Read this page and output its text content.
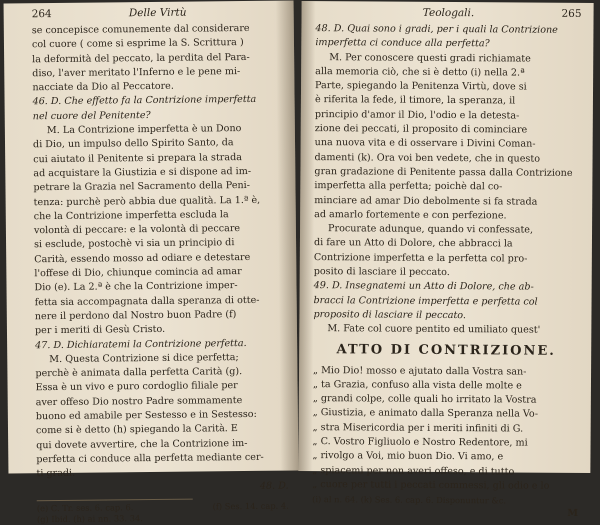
264	Delle Virtù
se concepisce comunemente dal considerare
col cuore ( come si esprime la S. Scrittura )
la deformità del peccato, la perdita del Para-
diso, l'aver meritato l'Inferno e le pene mi-
nacciate da Dio al Peccatore.
46. D. Che effetto fa la Contrizione imperfetta
nel cuore del Penitente?
M. La Contrizione imperfetta è un Dono
di Dio, un impulso dello Spirito Santo, da
cui aiutato il Penitente si prepara la strada
ad acquistare la Giustizia e si dispone ad im-
petrare la Grazia nel Sacramento della Peni-
tenza: purchè però abbia due qualità. La 1.ª è,
che la Contrizione imperfetta escluda la
volontà di peccare: e la volontà di peccare
si esclude, postochè vi sia un principio di
Carità, essendo mosso ad odiare e detestare
l'offese di Dio, chiunque comincia ad amar
Dio (e). La 2.ª è che la Contrizione imper-
fetta sia accompagnata dalla speranza di otte-
nere il perdono dal Nostro buon Padre (f)
per i meriti di Gesù Cristo.
47. D. Dichiaratemi la Contrizione perfetta.
M. Questa Contrizione si dice perfetta;
perchè è animata dalla perfetta Carità (g).
Essa è un vivo e puro cordoglio filiale per
aver offeso Dio nostro Padre sommamente
buono ed amabile per Sestesso e in Sestesso:
come si è detto (h) spiegando la Carità. E
qui dovete avvertire, che la Contrizione im-
perfetta ci conduce alla perfetta mediante cer-
ti gradi.
48. D.
(e) C. Tr. ses. 6. cap. 6.	(f) Ses. 14. cap. 4.
(g) Ibid. (h) ai nn. 33. 34.
Teologali.	265
48. D. Quai sono i gradi, per i quali la Contrizione
imperfetta ci conduce alla perfetta?
M. Per conoscere questi gradi richiamate
alla memoria ciò, che si è detto (i) nella 2.ª
Parte, spiegando la Penitenza Virtù, dove si
è riferita la fede, il timore, la speranza, il
principio d'amor il Dio, l'odio e la detesta-
zione dei peccati, il proposito di cominciare
una nuova vita e di osservare i Divini Coman-
damenti (k). Ora voi ben vedete, che in questo
gran gradazione di Penitente passa dalla Contrizione
imperfetta alla perfetta; poichè dal co-
minciare ad amar Dio debolmente si fa strada
ad amarlo fortemente e con perfezione.
Procurate adunque, quando vi confessate,
di fare un Atto di Dolore, che abbracci la
Contrizione imperfetta e la perfetta col pro-
posito di lasciare il peccato.
49. D. Insegnatemi un Atto di Dolore, che ab-
bracci la Contrizione imperfetta e perfetta col
proposito di lasciare il peccato.
M. Fate col cuore pentito ed umiliato quest'
ATTO DI CONTRIZIONE.
„ Mio Dio! mosso e ajutato dalla Vostra san-
„ ta Grazia, confuso alla vista delle molte e
„ grandi colpe, colle quali ho irritato la Vostra
„ Giustizia, e animato dalla Speranza nella Vo-
„ stra Misericordia per i meriti infiniti di G.
„ C. Vostro Figliuolo e Nostro Redentore, mi
„ rivolgo a Voi, mio buon Dio. Vi amo, e
„ spiacemi per non averi offeso, e di tutto
„ cuore per tutti i peccati commessi, gli odio e lo
(i) al n. 64. (k) Ses. 6. cap. 6. Disponuntur &c.
M
